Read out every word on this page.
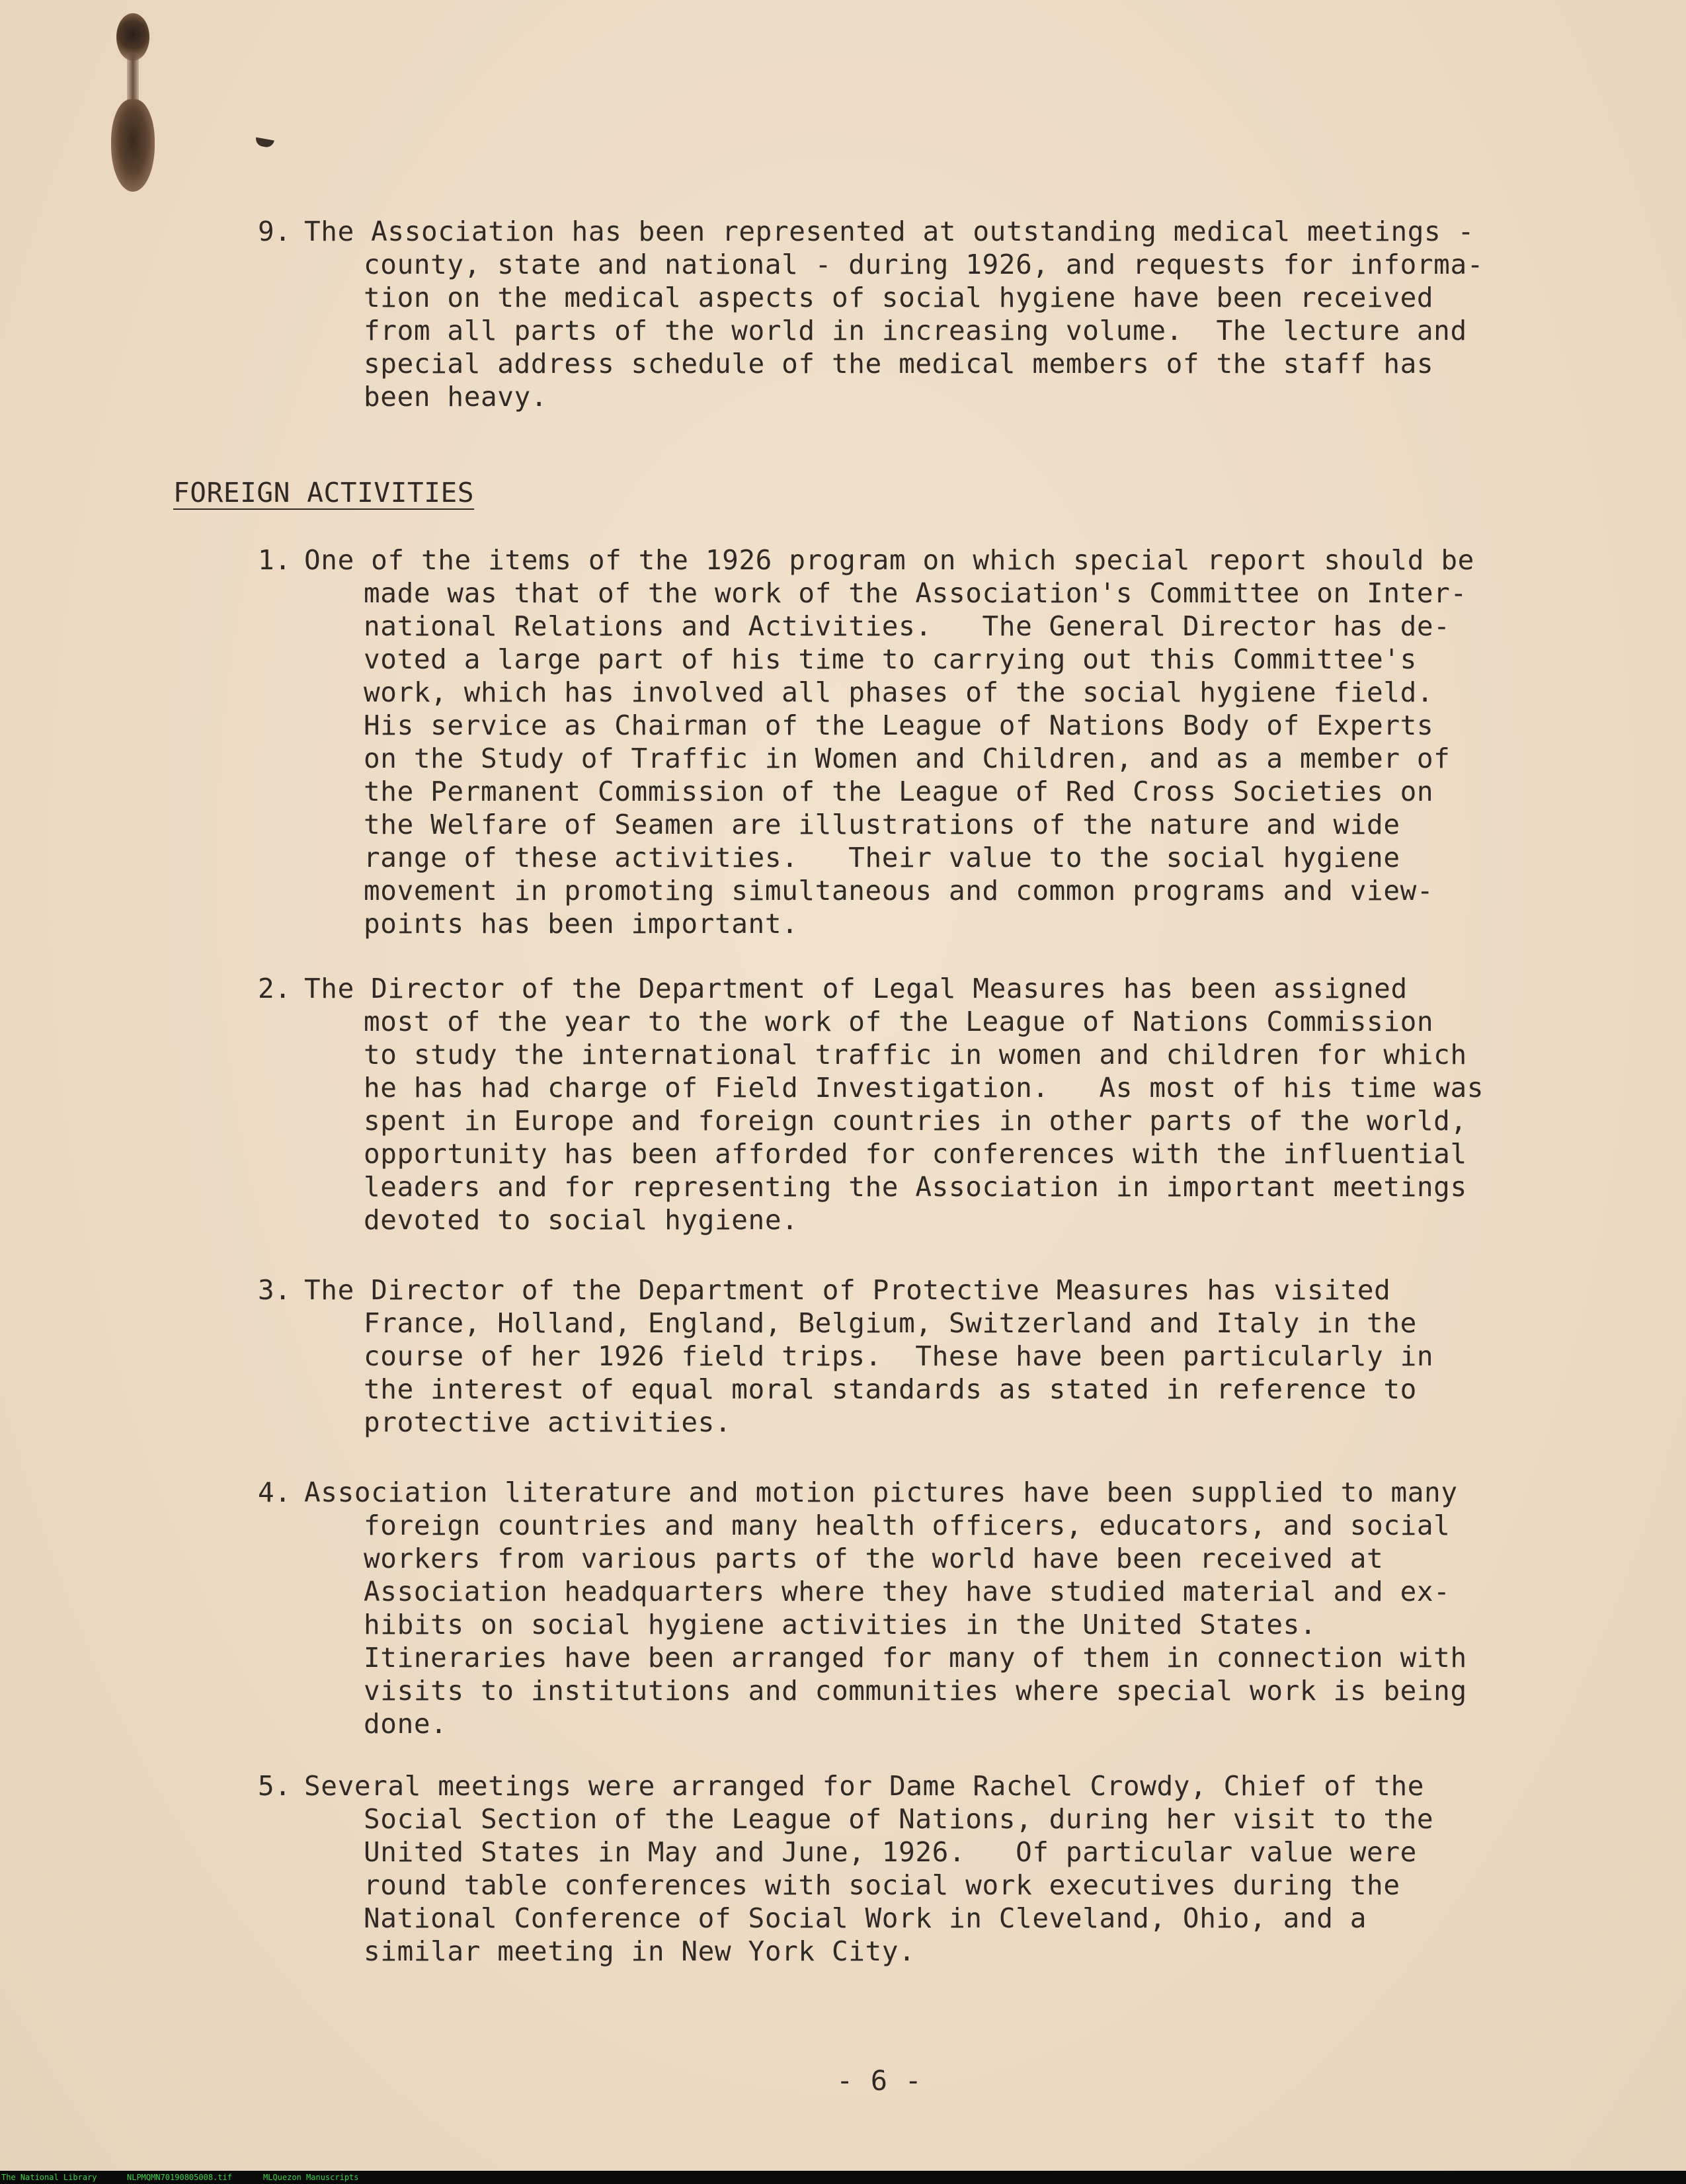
9.

The Association has been represented at outstanding medical meetings -

county, state and national - during 1926, and requests for informa-
tion on the medical aspects of social hygiene have been received
from all parts of the world in increasing volume.  The lecture and
special address schedule of the medical members of the staff has
been heavy.

FOREIGN ACTIVITIES

1.

One of the items of the 1926 program on which special report should be

made was that of the work of the Association's Committee on Inter-
national Relations and Activities.   The General Director has de-
voted a large part of his time to carrying out this Committee's
work, which has involved all phases of the social hygiene field.
His service as Chairman of the League of Nations Body of Experts
on the Study of Traffic in Women and Children, and as a member of
the Permanent Commission of the League of Red Cross Societies on
the Welfare of Seamen are illustrations of the nature and wide
range of these activities.   Their value to the social hygiene
movement in promoting simultaneous and common programs and view-
points has been important.

2.

The Director of the Department of Legal Measures has been assigned

most of the year to the work of the League of Nations Commission
to study the international traffic in women and children for which
he has had charge of Field Investigation.   As most of his time was
spent in Europe and foreign countries in other parts of the world,
opportunity has been afforded for conferences with the influential
leaders and for representing the Association in important meetings
devoted to social hygiene.

3.

The Director of the Department of Protective Measures has visited

France, Holland, England, Belgium, Switzerland and Italy in the
course of her 1926 field trips.  These have been particularly in
the interest of equal moral standards as stated in reference to
protective activities.

4.

Association literature and motion pictures have been supplied to many

foreign countries and many health officers, educators, and social
workers from various parts of the world have been received at
Association headquarters where they have studied material and ex-
hibits on social hygiene activities in the United States.
Itineraries have been arranged for many of them in connection with
visits to institutions and communities where special work is being
done.

5.

Several meetings were arranged for Dame Rachel Crowdy, Chief of the

Social Section of the League of Nations, during her visit to the
United States in May and June, 1926.   Of particular value were
round table conferences with social work executives during the
National Conference of Social Work in Cleveland, Ohio, and a
similar meeting in New York City.

- 6 -
The National Library	NLPMQMN70190805008.tif	MLQuezon Manuscripts
